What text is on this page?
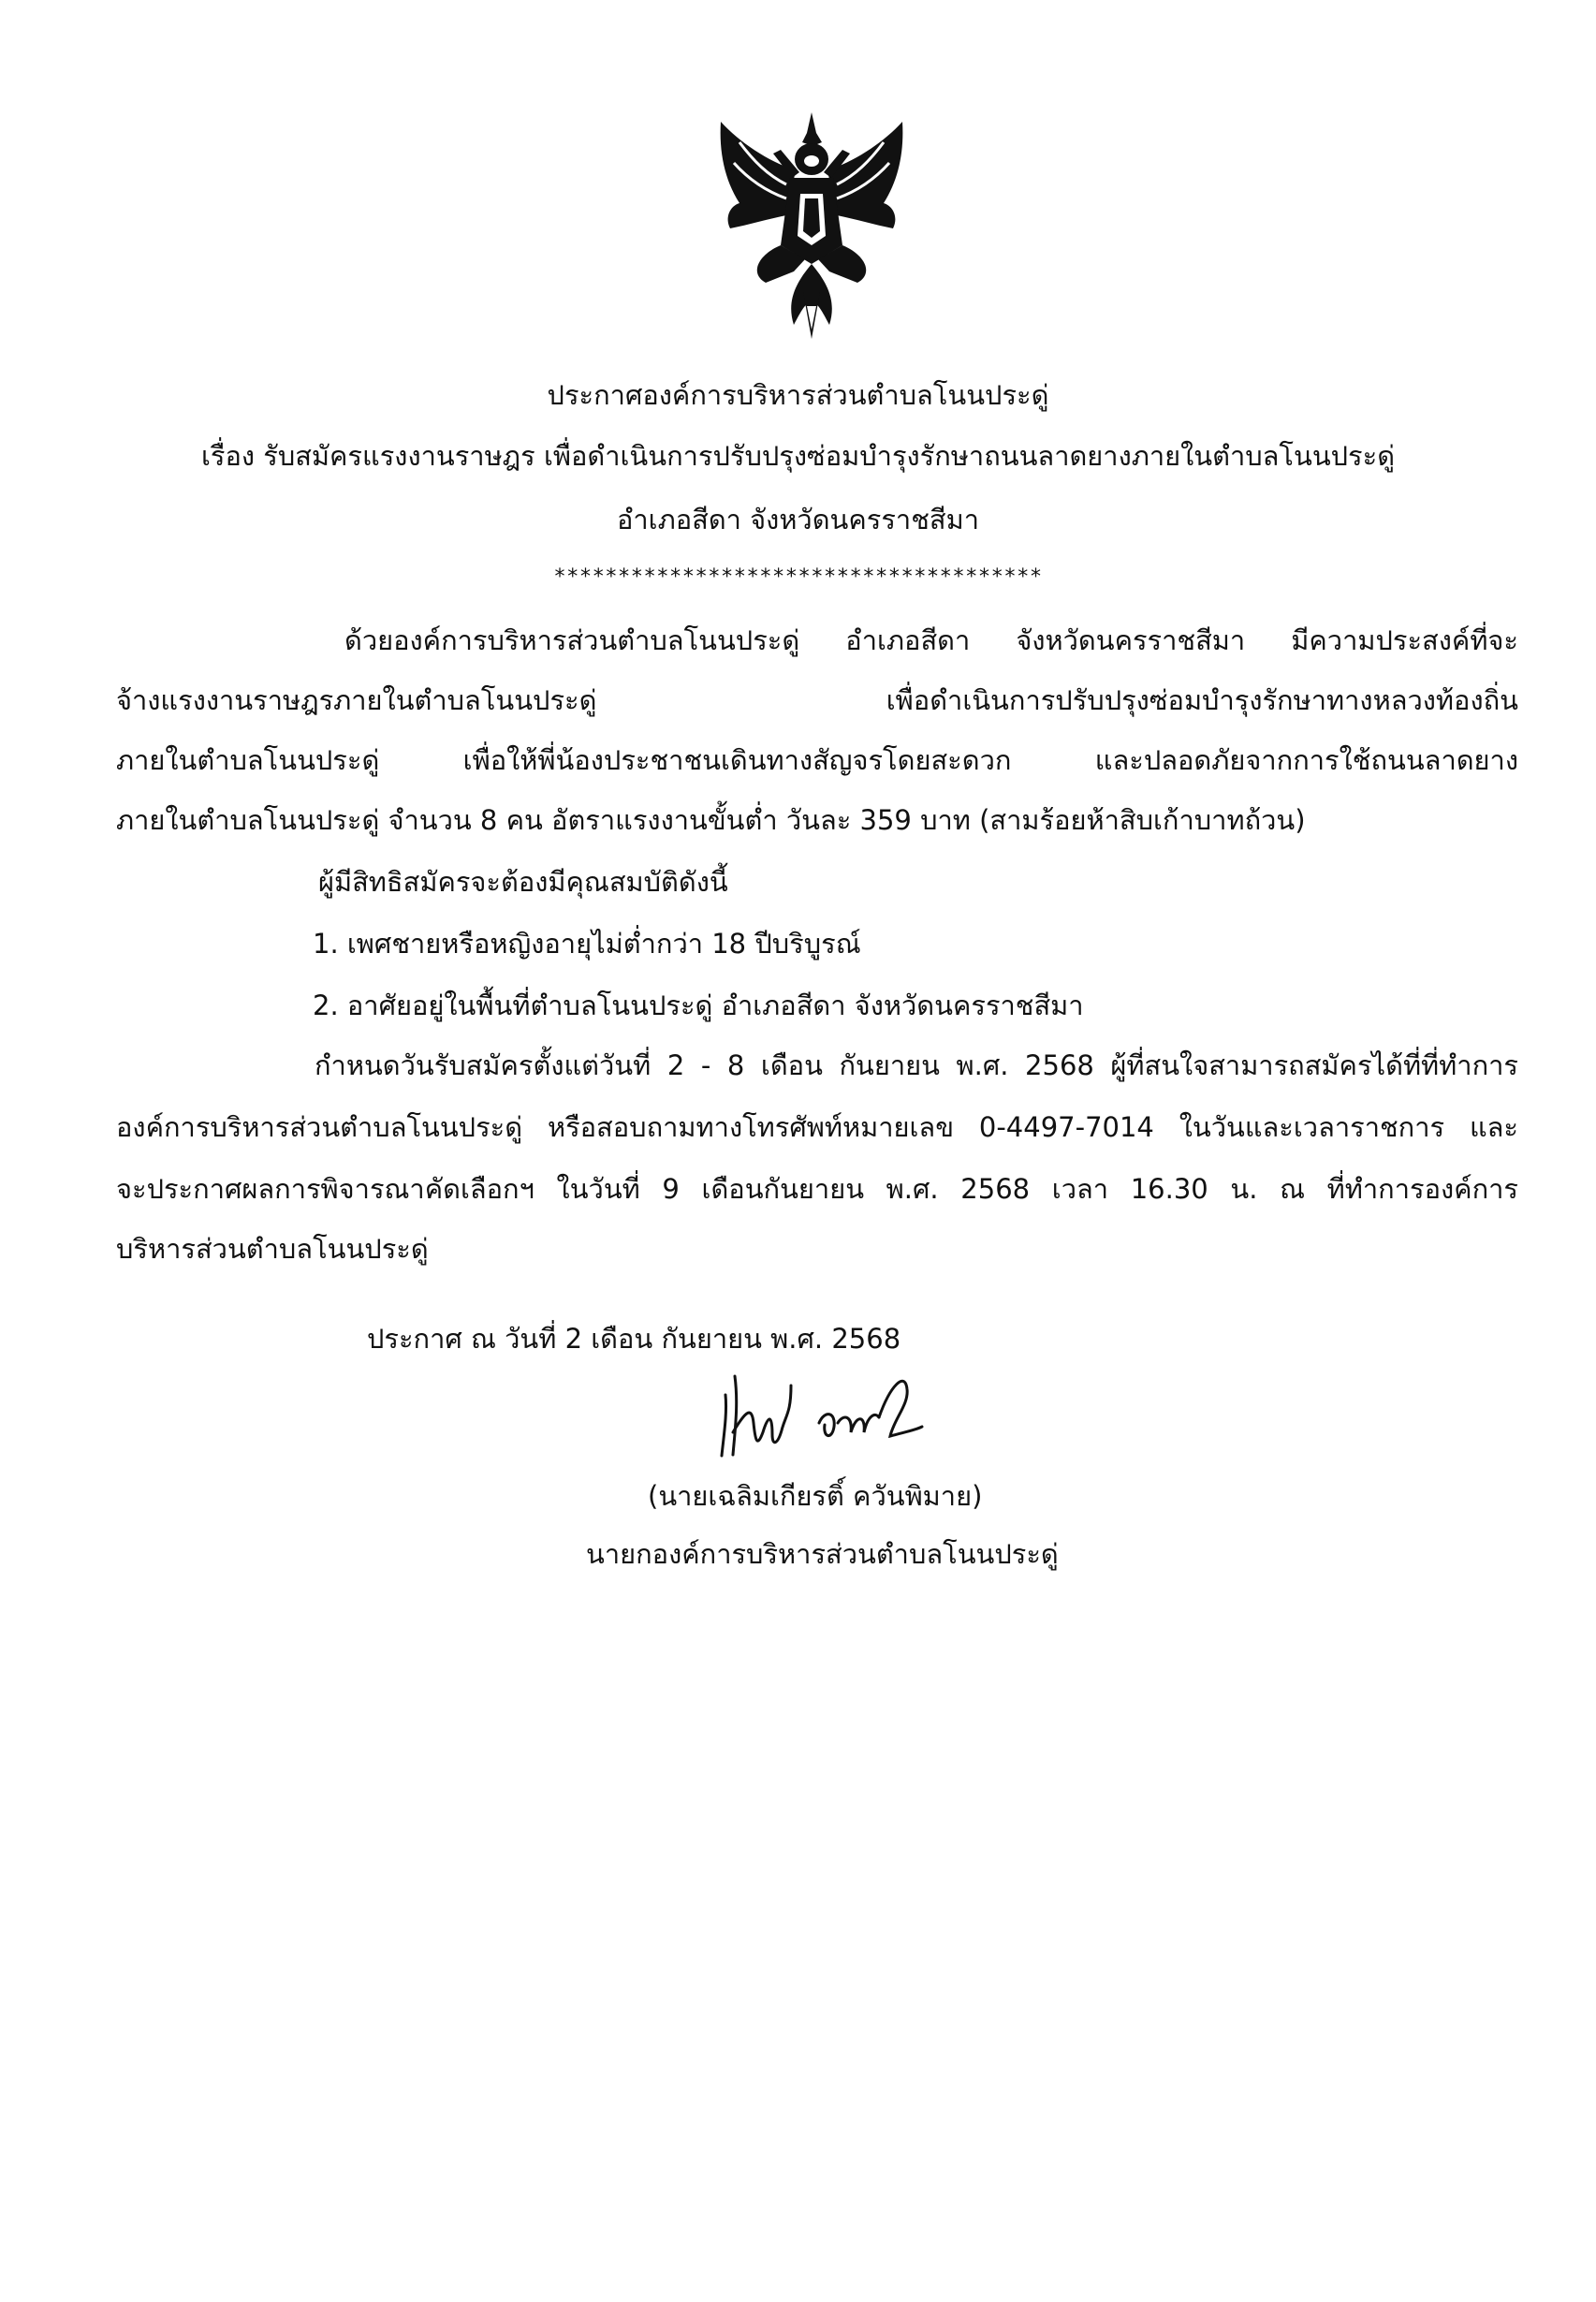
ประกาศองค์การบริหารส่วนตำบลโนนประดู่
เรื่อง รับสมัครแรงงานราษฎร เพื่อดำเนินการปรับปรุงซ่อมบำรุงรักษาถนนลาดยางภายในตำบลโนนประดู่
อำเภอสีดา จังหวัดนครราชสีมา
**************************************
ด้วยองค์การบริหารส่วนตำบลโนนประดู่ อำเภอสีดา จังหวัดนครราชสีมา มีความประสงค์ที่จะ
จ้างแรงงานราษฎรภายในตำบลโนนประดู่ เพื่อดำเนินการปรับปรุงซ่อมบำรุงรักษาทางหลวงท้องถิ่น
ภายในตำบลโนนประดู่ เพื่อให้พี่น้องประชาชนเดินทางสัญจรโดยสะดวก และปลอดภัยจากการใช้ถนนลาดยาง
ภายในตำบลโนนประดู่ จำนวน 8 คน อัตราแรงงานขั้นต่ำ วันละ 359 บาท (สามร้อยห้าสิบเก้าบาทถ้วน)
ผู้มีสิทธิสมัครจะต้องมีคุณสมบัติดังนี้
1. เพศชายหรือหญิงอายุไม่ต่ำกว่า 18 ปีบริบูรณ์
2. อาศัยอยู่ในพื้นที่ตำบลโนนประดู่ อำเภอสีดา จังหวัดนครราชสีมา
กำหนดวันรับสมัครตั้งแต่วันที่ 2 - 8 เดือน กันยายน พ.ศ. 2568 ผู้ที่สนใจสามารถสมัครได้ที่ที่ทำการ
องค์การบริหารส่วนตำบลโนนประดู่ หรือสอบถามทางโทรศัพท์หมายเลข 0-4497-7014 ในวันและเวลาราชการ และ
จะประกาศผลการพิจารณาคัดเลือกฯ ในวันที่ 9 เดือนกันยายน พ.ศ. 2568 เวลา 16.30 น. ณ ที่ทำการองค์การ
บริหารส่วนตำบลโนนประดู่
ประกาศ ณ วันที่ 2 เดือน กันยายน พ.ศ. 2568
(นายเฉลิมเกียรติ์ ควันพิมาย)
นายกองค์การบริหารส่วนตำบลโนนประดู่
